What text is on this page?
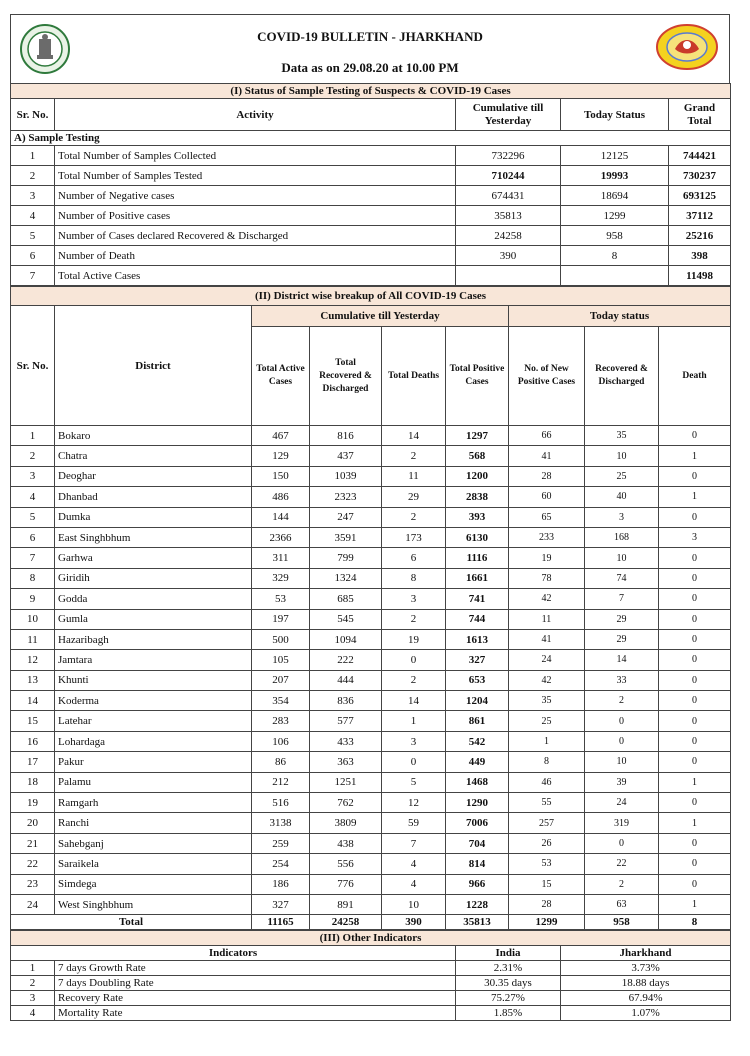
COVID-19 BULLETIN - JHARKHAND
Data as on 29.08.20 at 10.00 PM
(I) Status of Sample Testing of Suspects & COVID-19 Cases				
Sr. No.	Activity	Cumulative till Yesterday	Today Status	Grand Total
A) Sample Testing				
1	Total Number of Samples Collected	732296	12125	744421
2	Total Number of Samples Tested	710244	19993	730237
3	Number of Negative cases	674431	18694	693125
4	Number of Positive cases	35813	1299	37112
5	Number of Cases declared Recovered & Discharged	24258	958	25216
6	Number of Death	390	8	398
7	Total Active Cases			11498
(II) District wise breakup of All COVID-19 Cases								
Sr. No.	District	Cumulative till Yesterday				Today status		
		Total Active Cases	Total Recovered & Discharged	Total Deaths	Total Positive Cases	No. of New Positive Cases	Recovered & Discharged	Death
1	Bokaro	467	816	14	1297	66	35	0
2	Chatra	129	437	2	568	41	10	1
3	Deoghar	150	1039	11	1200	28	25	0
4	Dhanbad	486	2323	29	2838	60	40	1
5	Dumka	144	247	2	393	65	3	0
6	East Singhbhum	2366	3591	173	6130	233	168	3
7	Garhwa	311	799	6	1116	19	10	0
8	Giridih	329	1324	8	1661	78	74	0
9	Godda	53	685	3	741	42	7	0
10	Gumla	197	545	2	744	11	29	0
11	Hazaribagh	500	1094	19	1613	41	29	0
12	Jamtara	105	222	0	327	24	14	0
13	Khunti	207	444	2	653	42	33	0
14	Koderma	354	836	14	1204	35	2	0
15	Latehar	283	577	1	861	25	0	0
16	Lohardaga	106	433	3	542	1	0	0
17	Pakur	86	363	0	449	8	10	0
18	Palamu	212	1251	5	1468	46	39	1
19	Ramgarh	516	762	12	1290	55	24	0
20	Ranchi	3138	3809	59	7006	257	319	1
21	Sahebganj	259	438	7	704	26	0	0
22	Saraikela	254	556	4	814	53	22	0
23	Simdega	186	776	4	966	15	2	0
24	West Singhbhum	327	891	10	1228	28	63	1
Total		11165	24258	390	35813	1299	958	8
(III) Other Indicators			
Indicators		India	Jharkhand
1	7 days Growth Rate	2.31%	3.73%
2	7 days Doubling Rate	30.35 days	18.88 days
3	Recovery Rate	75.27%	67.94%
4	Mortality Rate	1.85%	1.07%
